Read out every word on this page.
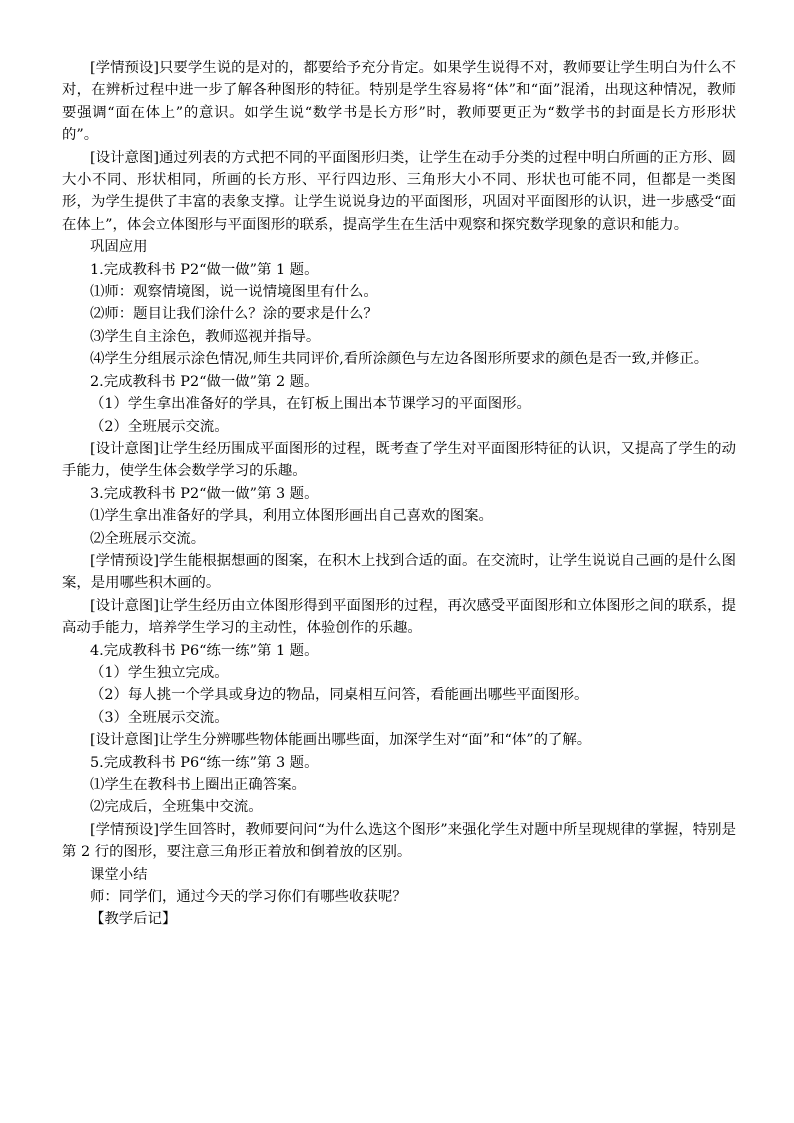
[学情预设]只要学生说的是对的，都要给予充分肯定。如果学生说得不对，教师要让学生明白为什么不对，在辨析过程中进一步了解各种图形的特征。特别是学生容易将“体”和“面”混淆，出现这种情况，教师要强调“面在体上”的意识。如学生说“数学书是长方形”时，教师要更正为“数学书的封面是长方形形状的”。

[设计意图]通过列表的方式把不同的平面图形归类，让学生在动手分类的过程中明白所画的正方形、圆大小不同、形状相同，所画的长方形、平行四边形、三角形大小不同、形状也可能不同，但都是一类图形，为学生提供了丰富的表象支撑。让学生说说身边的平面图形，巩固对平面图形的认识，进一步感受“面在体上”，体会立体图形与平面图形的联系，提高学生在生活中观察和探究数学现象的意识和能力。

巩固应用

1.完成教科书 P2“做一做”第 1 题。

⑴师：观察情境图，说一说情境图里有什么。

⑵师：题目让我们涂什么？涂的要求是什么？

⑶学生自主涂色，教师巡视并指导。

⑷学生分组展示涂色情况,师生共同评价,看所涂颜色与左边各图形所要求的颜色是否一致,并修正。

2.完成教科书 P2“做一做”第 2 题。

（1）学生拿出准备好的学具，在钉板上围出本节课学习的平面图形。

（2）全班展示交流。

[设计意图]让学生经历围成平面图形的过程，既考查了学生对平面图形特征的认识，又提高了学生的动手能力，使学生体会数学学习的乐趣。

3.完成教科书 P2“做一做”第 3 题。

⑴学生拿出准备好的学具，利用立体图形画出自己喜欢的图案。

⑵全班展示交流。

[学情预设]学生能根据想画的图案，在积木上找到合适的面。在交流时，让学生说说自己画的是什么图案，是用哪些积木画的。

[设计意图]让学生经历由立体图形得到平面图形的过程，再次感受平面图形和立体图形之间的联系，提高动手能力，培养学生学习的主动性，体验创作的乐趣。

4.完成教科书 P6“练一练”第 1 题。

（1）学生独立完成。

（2）每人挑一个学具或身边的物品，同桌相互问答，看能画出哪些平面图形。

（3）全班展示交流。

[设计意图]让学生分辨哪些物体能画出哪些面，加深学生对“面”和“体”的了解。

5.完成教科书 P6“练一练”第 3 题。

⑴学生在教科书上圈出正确答案。

⑵完成后，全班集中交流。

[学情预设]学生回答时，教师要问问“为什么选这个图形”来强化学生对题中所呈现规律的掌握，特别是第 2 行的图形，要注意三角形正着放和倒着放的区别。

课堂小结

师：同学们，通过今天的学习你们有哪些收获呢？

【教学后记】
